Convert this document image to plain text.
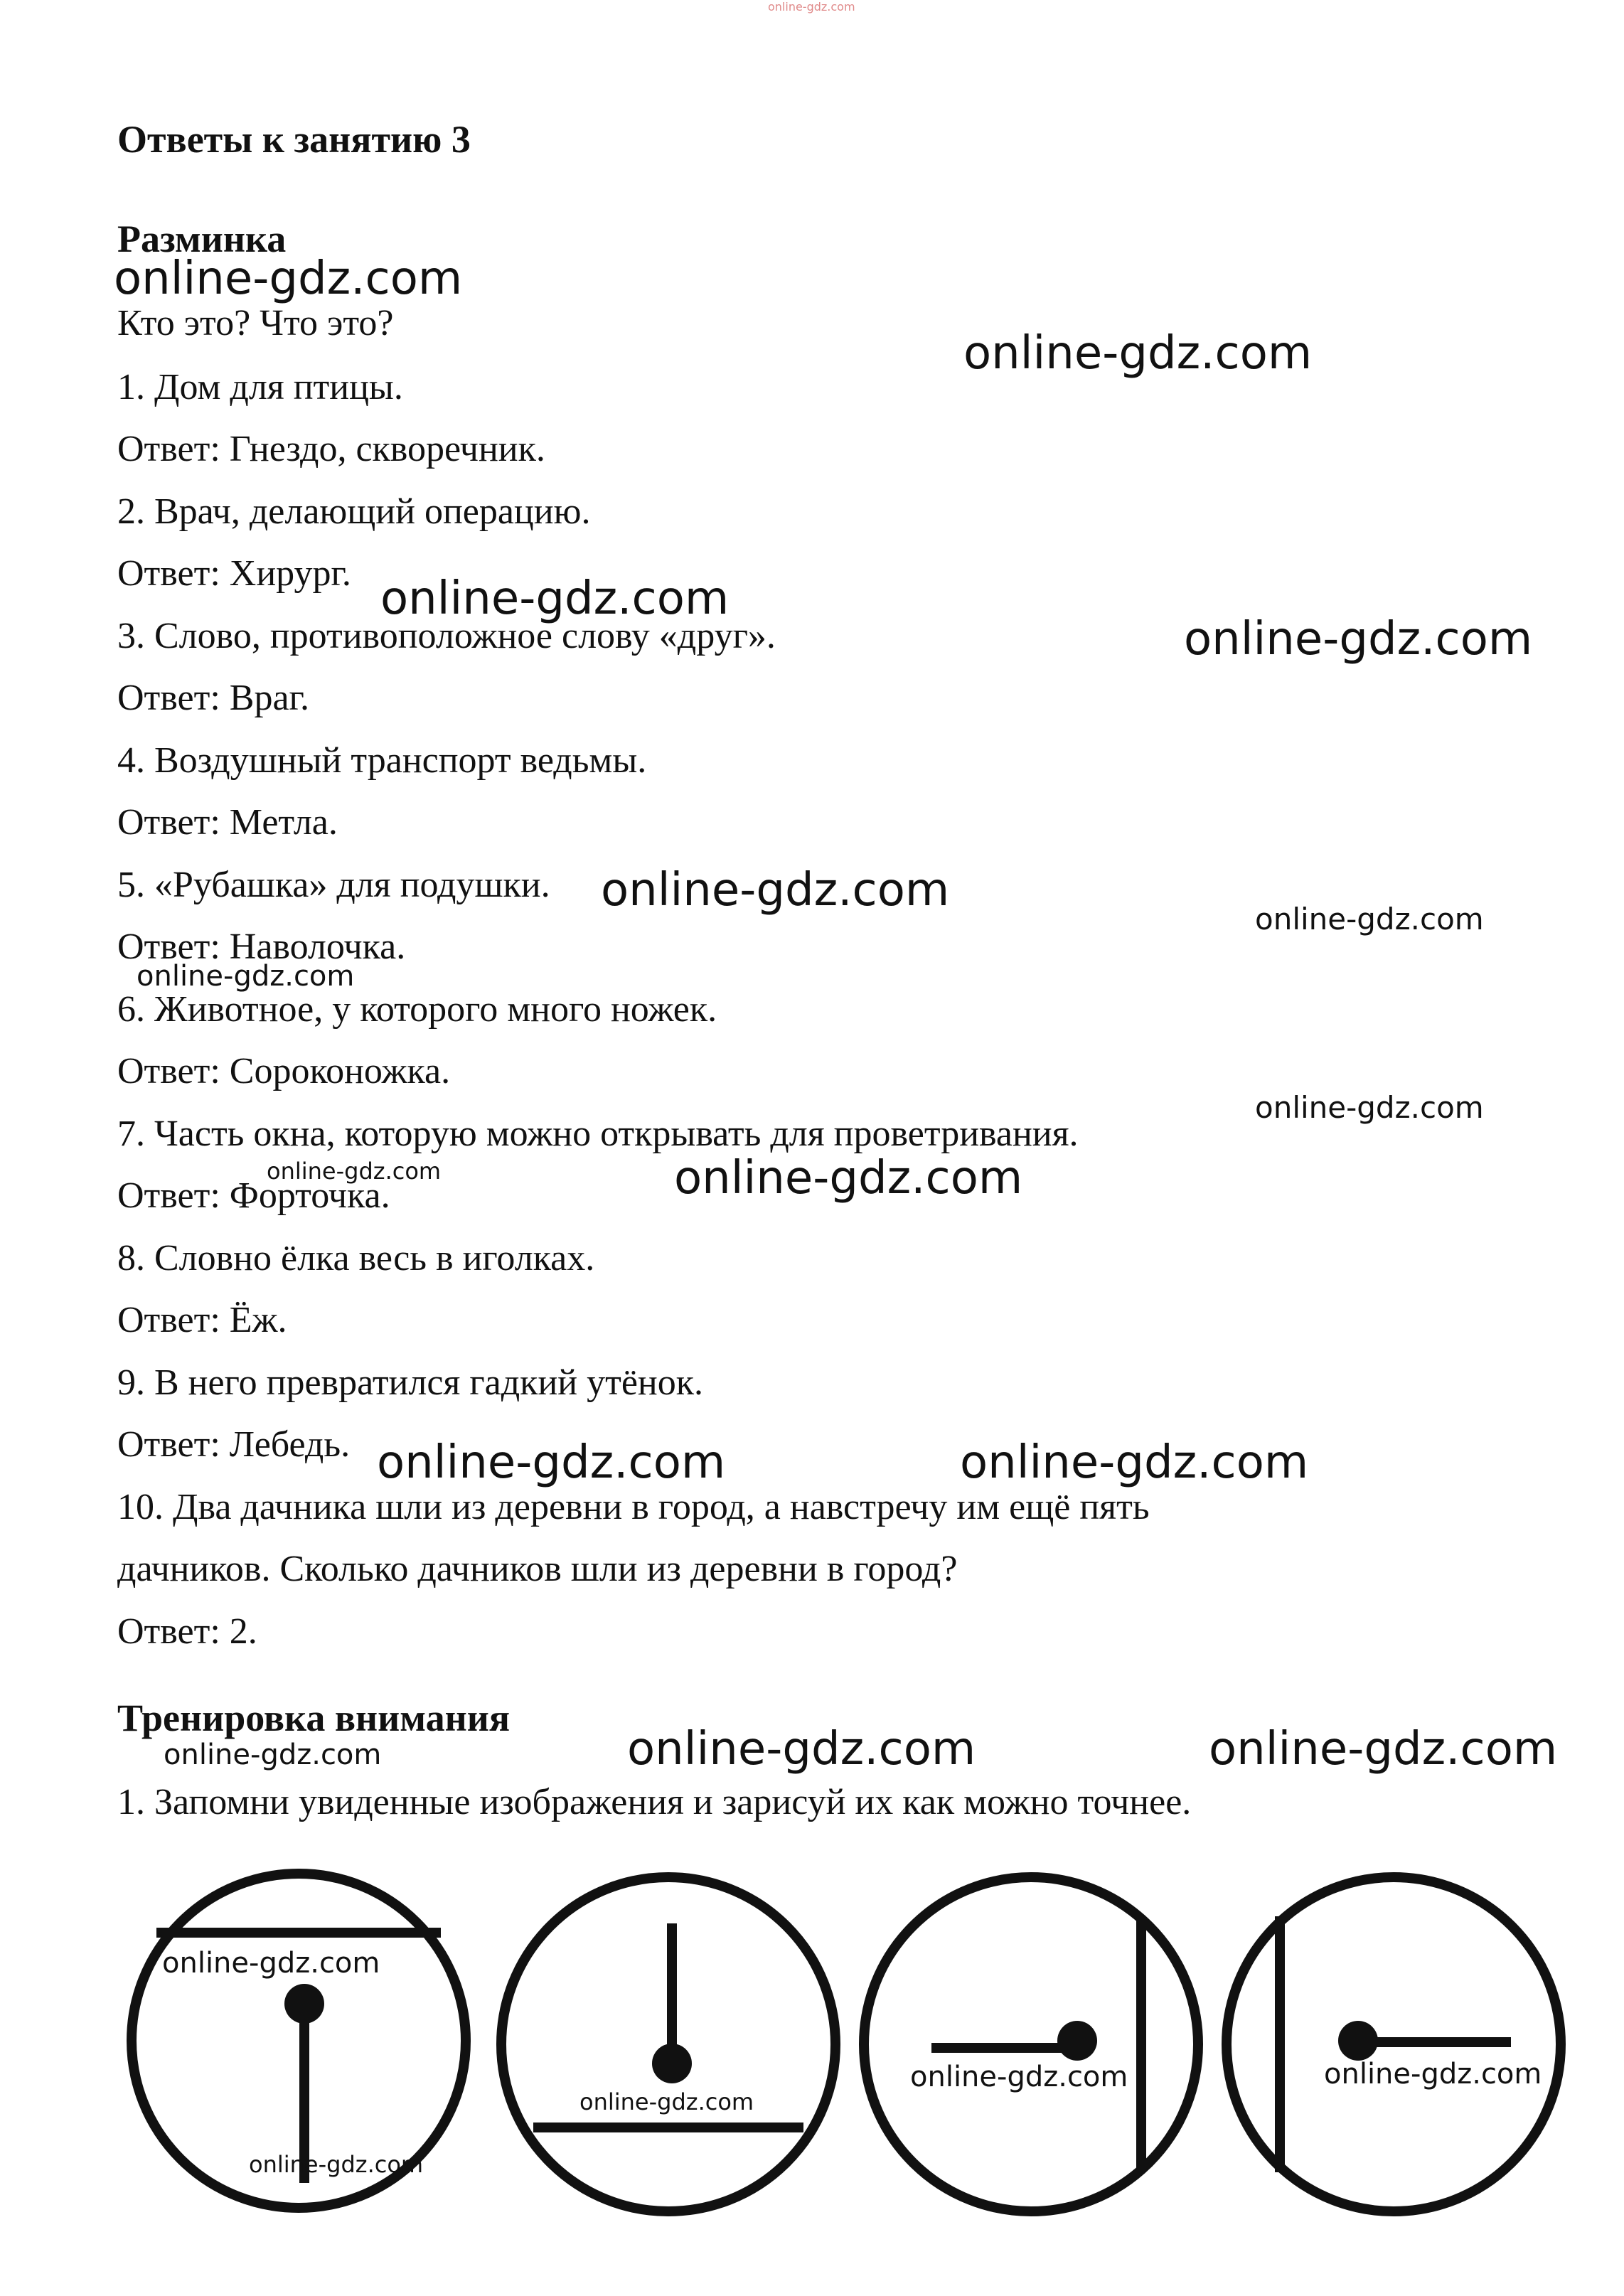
online-gdz.com
Ответы к занятию 3
Разминка
Кто это? Что это?
1. Дом для птицы.
Ответ: Гнездо, скворечник.
2. Врач, делающий операцию.
Ответ: Хирург.
3. Слово, противоположное слову «друг».
Ответ: Враг.
4. Воздушный транспорт ведьмы.
Ответ: Метла.
5. «Рубашка» для подушки.
Ответ: Наволочка.
6. Животное, у которого много ножек.
Ответ: Сороконожка.
7. Часть окна, которую можно открывать для проветривания.
Ответ: Форточка.
8. Словно ёлка весь в иголках.
Ответ: Ёж.
9. В него превратился гадкий утёнок.
Ответ: Лебедь.
10. Два дачника шли из деревни в город, а навстречу им ещё пять
дачников. Сколько дачников шли из деревни в город?
Ответ: 2.
Тренировка внимания
1. Запомни увиденные изображения и зарисуй их как можно точнее.
online-gdz.com
online-gdz.com
online-gdz.com
online-gdz.com
online-gdz.com
online-gdz.com
online-gdz.com
online-gdz.com
online-gdz.com	online-gdz.com
online-gdz.com	online-gdz.com
online-gdz.com	online-gdz.com	online-gdz.com
online-gdz.com
online-gdz.com
online-gdz.com
online-gdz.com	online-gdz.com
